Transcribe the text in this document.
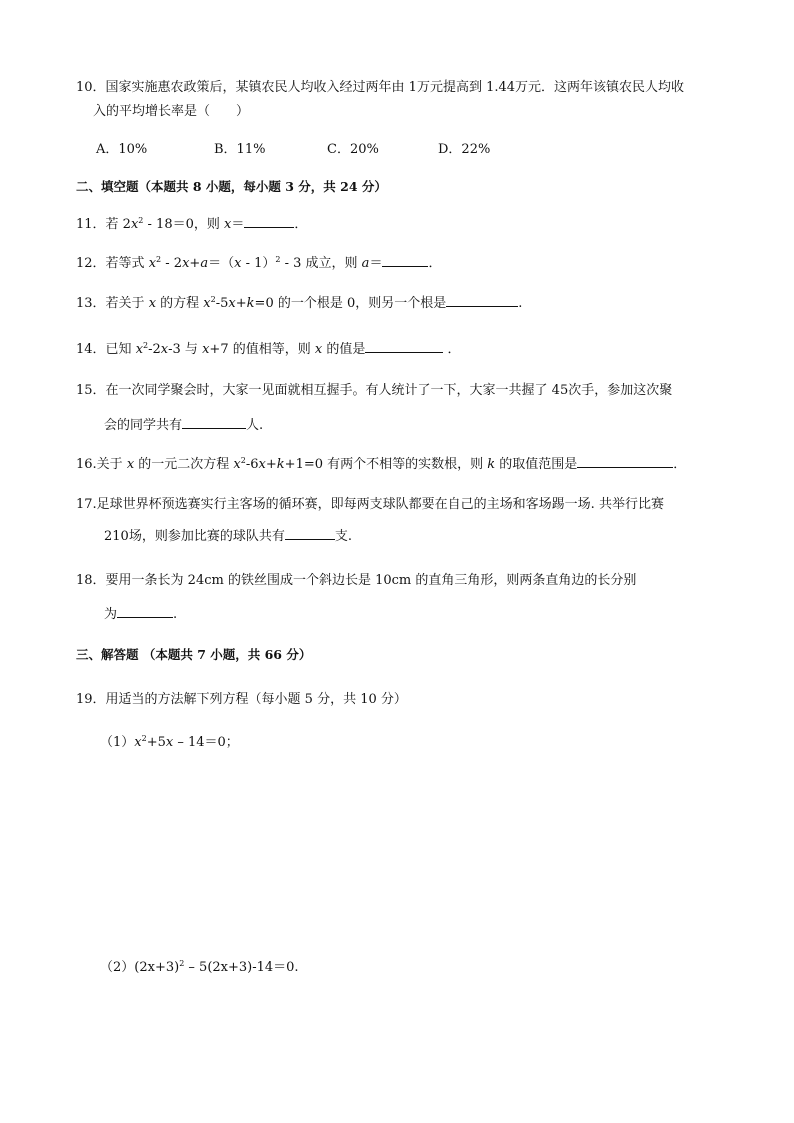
10．国家实施惠农政策后，某镇农民人均收入经过两年由 1万元提高到 1.44万元．这两年该镇农民人均收
入的平均增长率是（　　）
A．10%	B．11%	C．20%	D．22%
二、填空题（本题共 8 小题，每小题 3 分，共 24 分）
11．若 $2x^2 - 18=0$，则 x＝	．
12．若等式 $x^2 - 2x+a=(x - 1)^2 - 3$ 成立，则 a＝	．
13．若关于 x 的方程 $x^2-5x+k=0$ 的一个根是 0，则另一个根是	.
14．已知 $x^2-2x-3$ 与 x+7 的值相等，则 x 的值是	．
15．在一次同学聚会时，大家一见面就相互握手。有人统计了一下，大家一共握了 45次手，参加这次聚
会的同学共有	人.
16.关于 x 的一元二次方程 $x^2-6x+k+1=0$ 有两个不相等的实数根，则 k 的取值范围是	．
17.足球世界杯预选赛实行主客场的循环赛，即每两支球队都要在自己的主场和客场踢一场. 共举行比赛
210场，则参加比赛的球队共有	支.
18．要用一条长为 24cm 的铁丝围成一个斜边长是 10cm 的直角三角形，则两条直角边的长分别
为	.
三、解答题 （本题共 7 小题，共 66 分）
19．用适当的方法解下列方程（每小题 5 分，共 10 分）
$(1)x^2+5x - 14=0$；
$(2)(2x+3)^2 - 5(2x+3)-14=0$.
